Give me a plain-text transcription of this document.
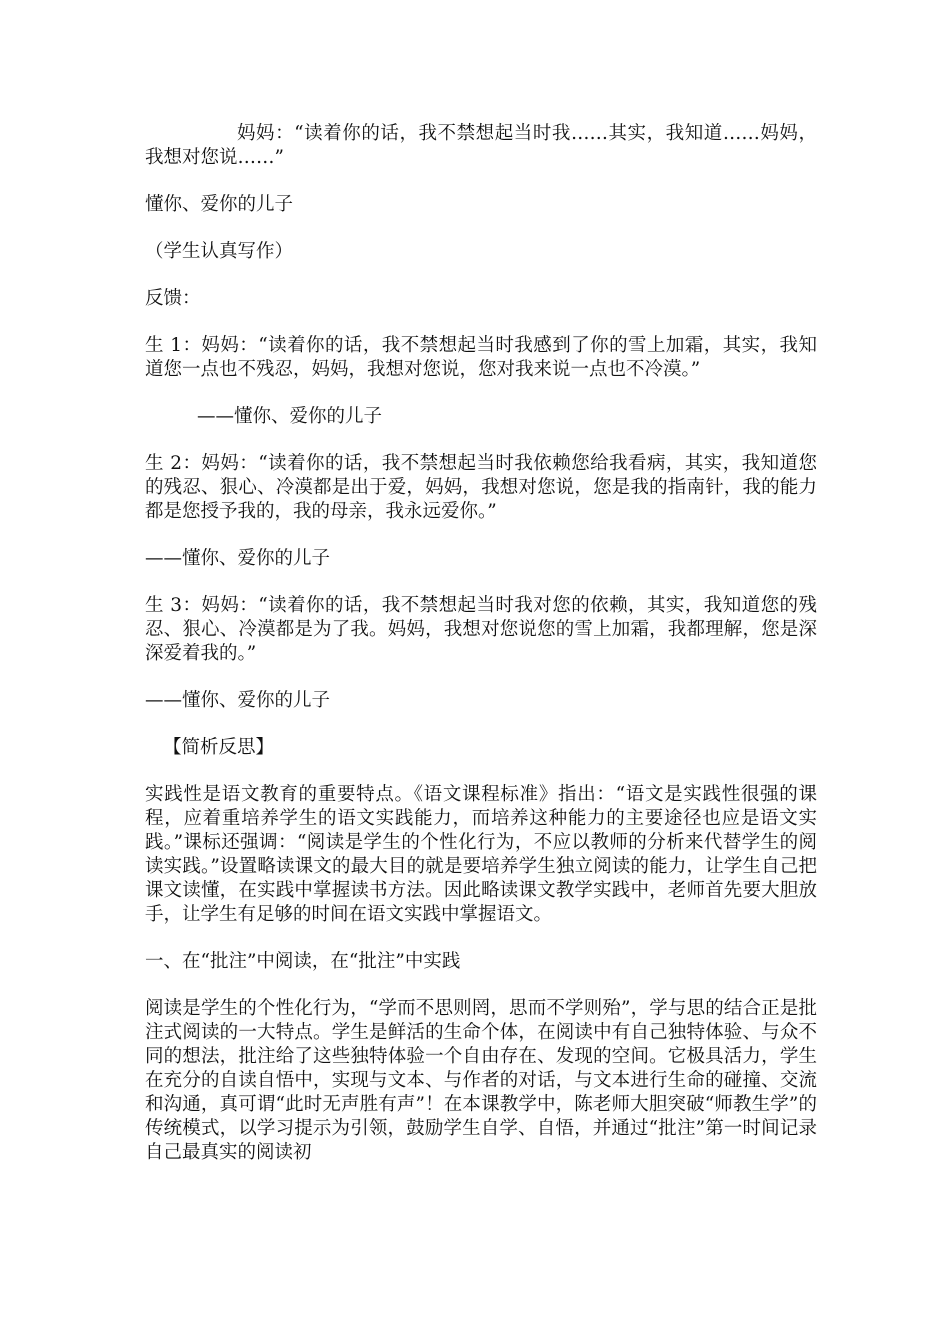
妈妈：“读着你的话，我不禁想起当时我……其实，我知道……妈妈，我想对您说……”

懂你、爱你的儿子

（学生认真写作）

反馈：

生 1：妈妈：“读着你的话，我不禁想起当时我感到了你的雪上加霜，其实，我知道您一点也不残忍，妈妈，我想对您说，您对我来说一点也不冷漠。”

——懂你、爱你的儿子

生 2：妈妈：“读着你的话，我不禁想起当时我依赖您给我看病，其实，我知道您的残忍、狠心、冷漠都是出于爱，妈妈，我想对您说，您是我的指南针，我的能力都是您授予我的，我的母亲，我永远爱你。”

——懂你、爱你的儿子

生 3：妈妈：“读着你的话，我不禁想起当时我对您的依赖，其实，我知道您的残忍、狠心、冷漠都是为了我。妈妈，我想对您说您的雪上加霜，我都理解，您是深深爱着我的。”

——懂你、爱你的儿子

【简析反思】

实践性是语文教育的重要特点。《语文课程标准》指出：“语文是实践性很强的课程，应着重培养学生的语文实践能力，而培养这种能力的主要途径也应是语文实践。”课标还强调：“阅读是学生的个性化行为，不应以教师的分析来代替学生的阅读实践。”设置略读课文的最大目的就是要培养学生独立阅读的能力，让学生自己把课文读懂，在实践中掌握读书方法。因此略读课文教学实践中，老师首先要大胆放手，让学生有足够的时间在语文实践中掌握语文。

一、在“批注”中阅读，在“批注”中实践

阅读是学生的个性化行为，“学而不思则罔，思而不学则殆”，学与思的结合正是批注式阅读的一大特点。学生是鲜活的生命个体，在阅读中有自己独特体验、与众不同的想法，批注给了这些独特体验一个自由存在、发现的空间。它极具活力，学生在充分的自读自悟中，实现与文本、与作者的对话，与文本进行生命的碰撞、交流和沟通，真可谓“此时无声胜有声”！在本课教学中，陈老师大胆突破“师教生学”的传统模式，以学习提示为引领，鼓励学生自学、自悟，并通过“批注”第一时间记录自己最真实的阅读初
